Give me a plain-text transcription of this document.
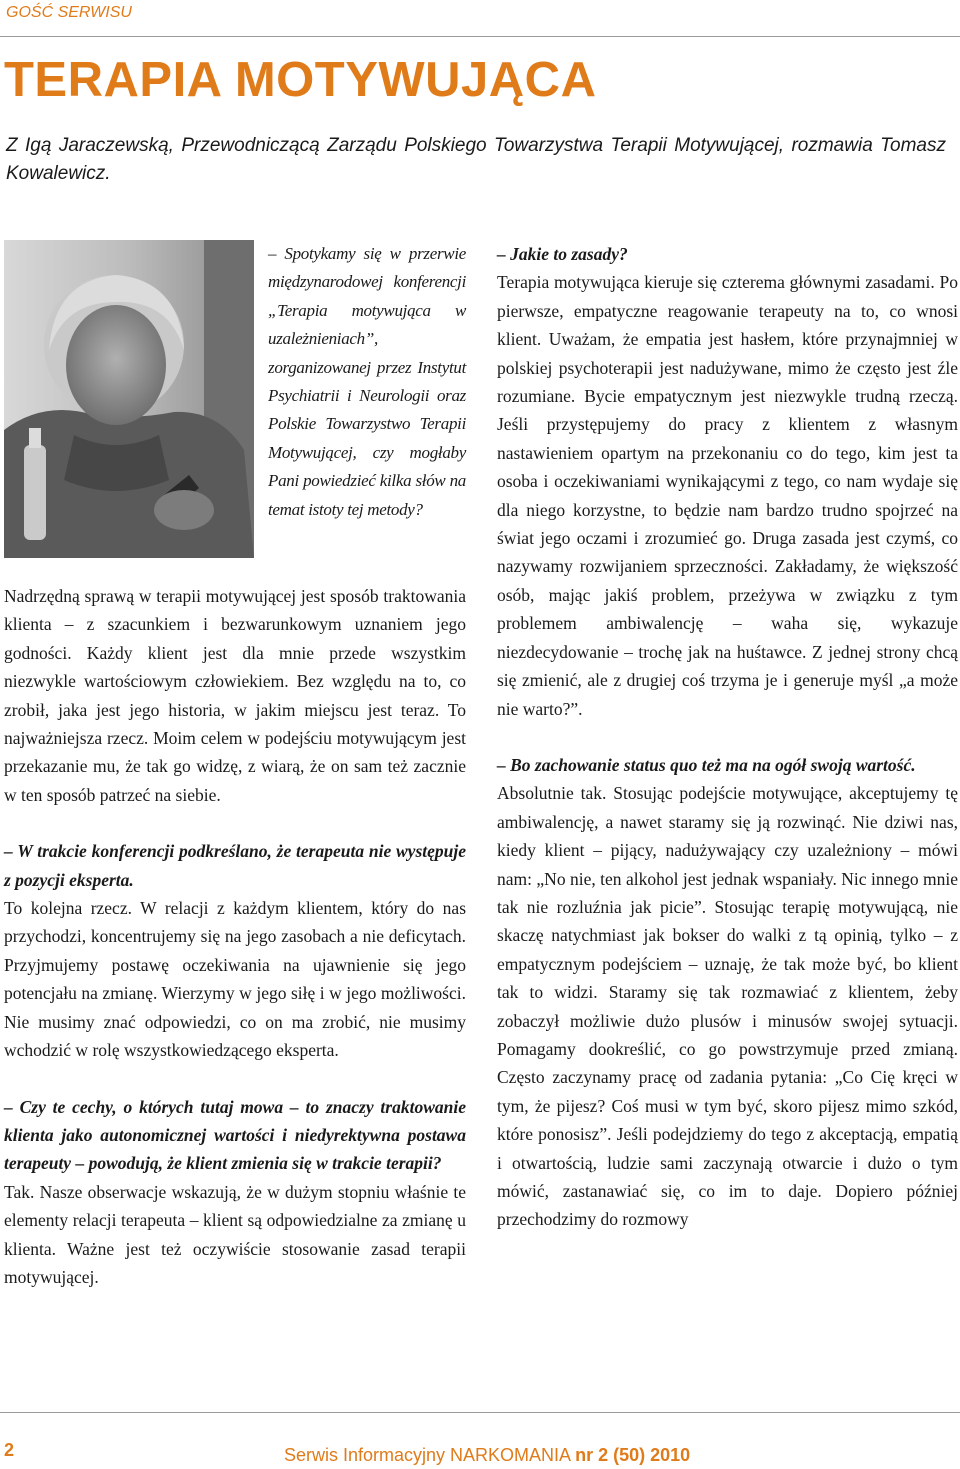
GOŚĆ SERWISU
TERAPIA MOTYWUJĄCA

Z Igą Jaraczewską, Przewodniczącą Zarządu Polskiego Towarzystwa Terapii Motywującej, rozmawia Tomasz Kowalewicz.

– Spotykamy się w przerwie międzynarodowej konferencji „Terapia motywująca w uzależnieniach”, zorganizowanej przez Instytut Psychiatrii i Neurologii oraz Polskie Towarzystwo Terapii Motywującej, czy mogłaby Pani powiedzieć kilka słów na temat istoty tej metody?

Nadrzędną sprawą w terapii motywującej jest sposób traktowania klienta – z szacunkiem i bezwarunkowym uznaniem jego godności. Każdy klient jest dla mnie przede wszystkim niezwykle wartościowym człowiekiem. Bez względu na to, co zrobił, jaka jest jego historia, w jakim miejscu jest teraz. To najważniejsza rzecz. Moim celem w podejściu motywującym jest przekazanie mu, że tak go widzę, z wiarą, że on sam też zacznie w ten sposób patrzeć na siebie.

– W trakcie konferencji podkreślano, że terapeuta nie występuje z pozycji eksperta.

To kolejna rzecz. W relacji z każdym klientem, który do nas przychodzi, koncentrujemy się na jego zasobach a nie deficytach. Przyjmujemy postawę oczekiwania na ujawnienie się jego potencjału na zmianę. Wierzymy w jego siłę i w jego możliwości. Nie musimy znać odpowiedzi, co on ma zrobić, nie musimy wchodzić w rolę wszystkowiedzącego eksperta.

– Czy te cechy, o których tutaj mowa – to znaczy traktowanie klienta jako autonomicznej wartości i niedyrektywna postawa terapeuty – powodują, że klient zmienia się w trakcie terapii?

Tak. Nasze obserwacje wskazują, że w dużym stopniu właśnie te elementy relacji terapeuta – klient są odpowiedzialne za zmianę u klienta. Ważne jest też oczywiście stosowanie zasad terapii motywującej.

– Jakie to zasady?

Terapia motywująca kieruje się czterema głównymi zasadami. Po pierwsze, empatyczne reagowanie terapeuty na to, co wnosi klient. Uważam, że empatia jest hasłem, które przynajmniej w polskiej psychoterapii jest nadużywane, mimo że często jest źle rozumiane. Bycie empatycznym jest niezwykle trudną rzeczą. Jeśli przystępujemy do pracy z klientem z własnym nastawieniem opartym na przekonaniu co do tego, kim jest ta osoba i oczekiwaniami wynikającymi z tego, co nam wydaje się dla niego korzystne, to będzie nam bardzo trudno spojrzeć na świat jego oczami i zrozumieć go. Druga zasada jest czymś, co nazywamy rozwijaniem sprzeczności. Zakładamy, że większość osób, mając jakiś problem, przeżywa w związku z tym problemem ambiwalencję – waha się, wykazuje niezdecydowanie – trochę jak na huśtawce. Z jednej strony chcą się zmienić, ale z drugiej coś trzyma je i generuje myśl „a może nie warto?”.

– Bo zachowanie status quo też ma na ogół swoją wartość.

Absolutnie tak. Stosując podejście motywujące, akceptujemy tę ambiwalencję, a nawet staramy się ją rozwinąć. Nie dziwi nas, kiedy klient – pijący, nadużywający czy uzależniony – mówi nam: „No nie, ten alkohol jest jednak wspaniały. Nic innego mnie tak nie rozluźnia jak picie”. Stosując terapię motywującą, nie skaczę natychmiast jak bokser do walki z tą opinią, tylko – z empatycznym podejściem – uznaję, że tak może być, bo klient tak to widzi. Staramy się tak rozmawiać z klientem, żeby zobaczył możliwie dużo plusów i minusów swojej sytuacji. Pomagamy dookreślić, co go powstrzymuje przed zmianą. Często zaczynamy pracę od zadania pytania: „Co Cię kręci w tym, że pijesz? Coś musi w tym być, skoro pijesz mimo szkód, które ponosisz”. Jeśli podejdziemy do tego z akceptacją, empatią i otwartością, ludzie sami zaczynają otwarcie i dużo o tym mówić, zastanawiać się, co im to daje. Dopiero później przechodzimy do rozmowy

2	Serwis Informacyjny NARKOMANIA nr 2 (50) 2010
